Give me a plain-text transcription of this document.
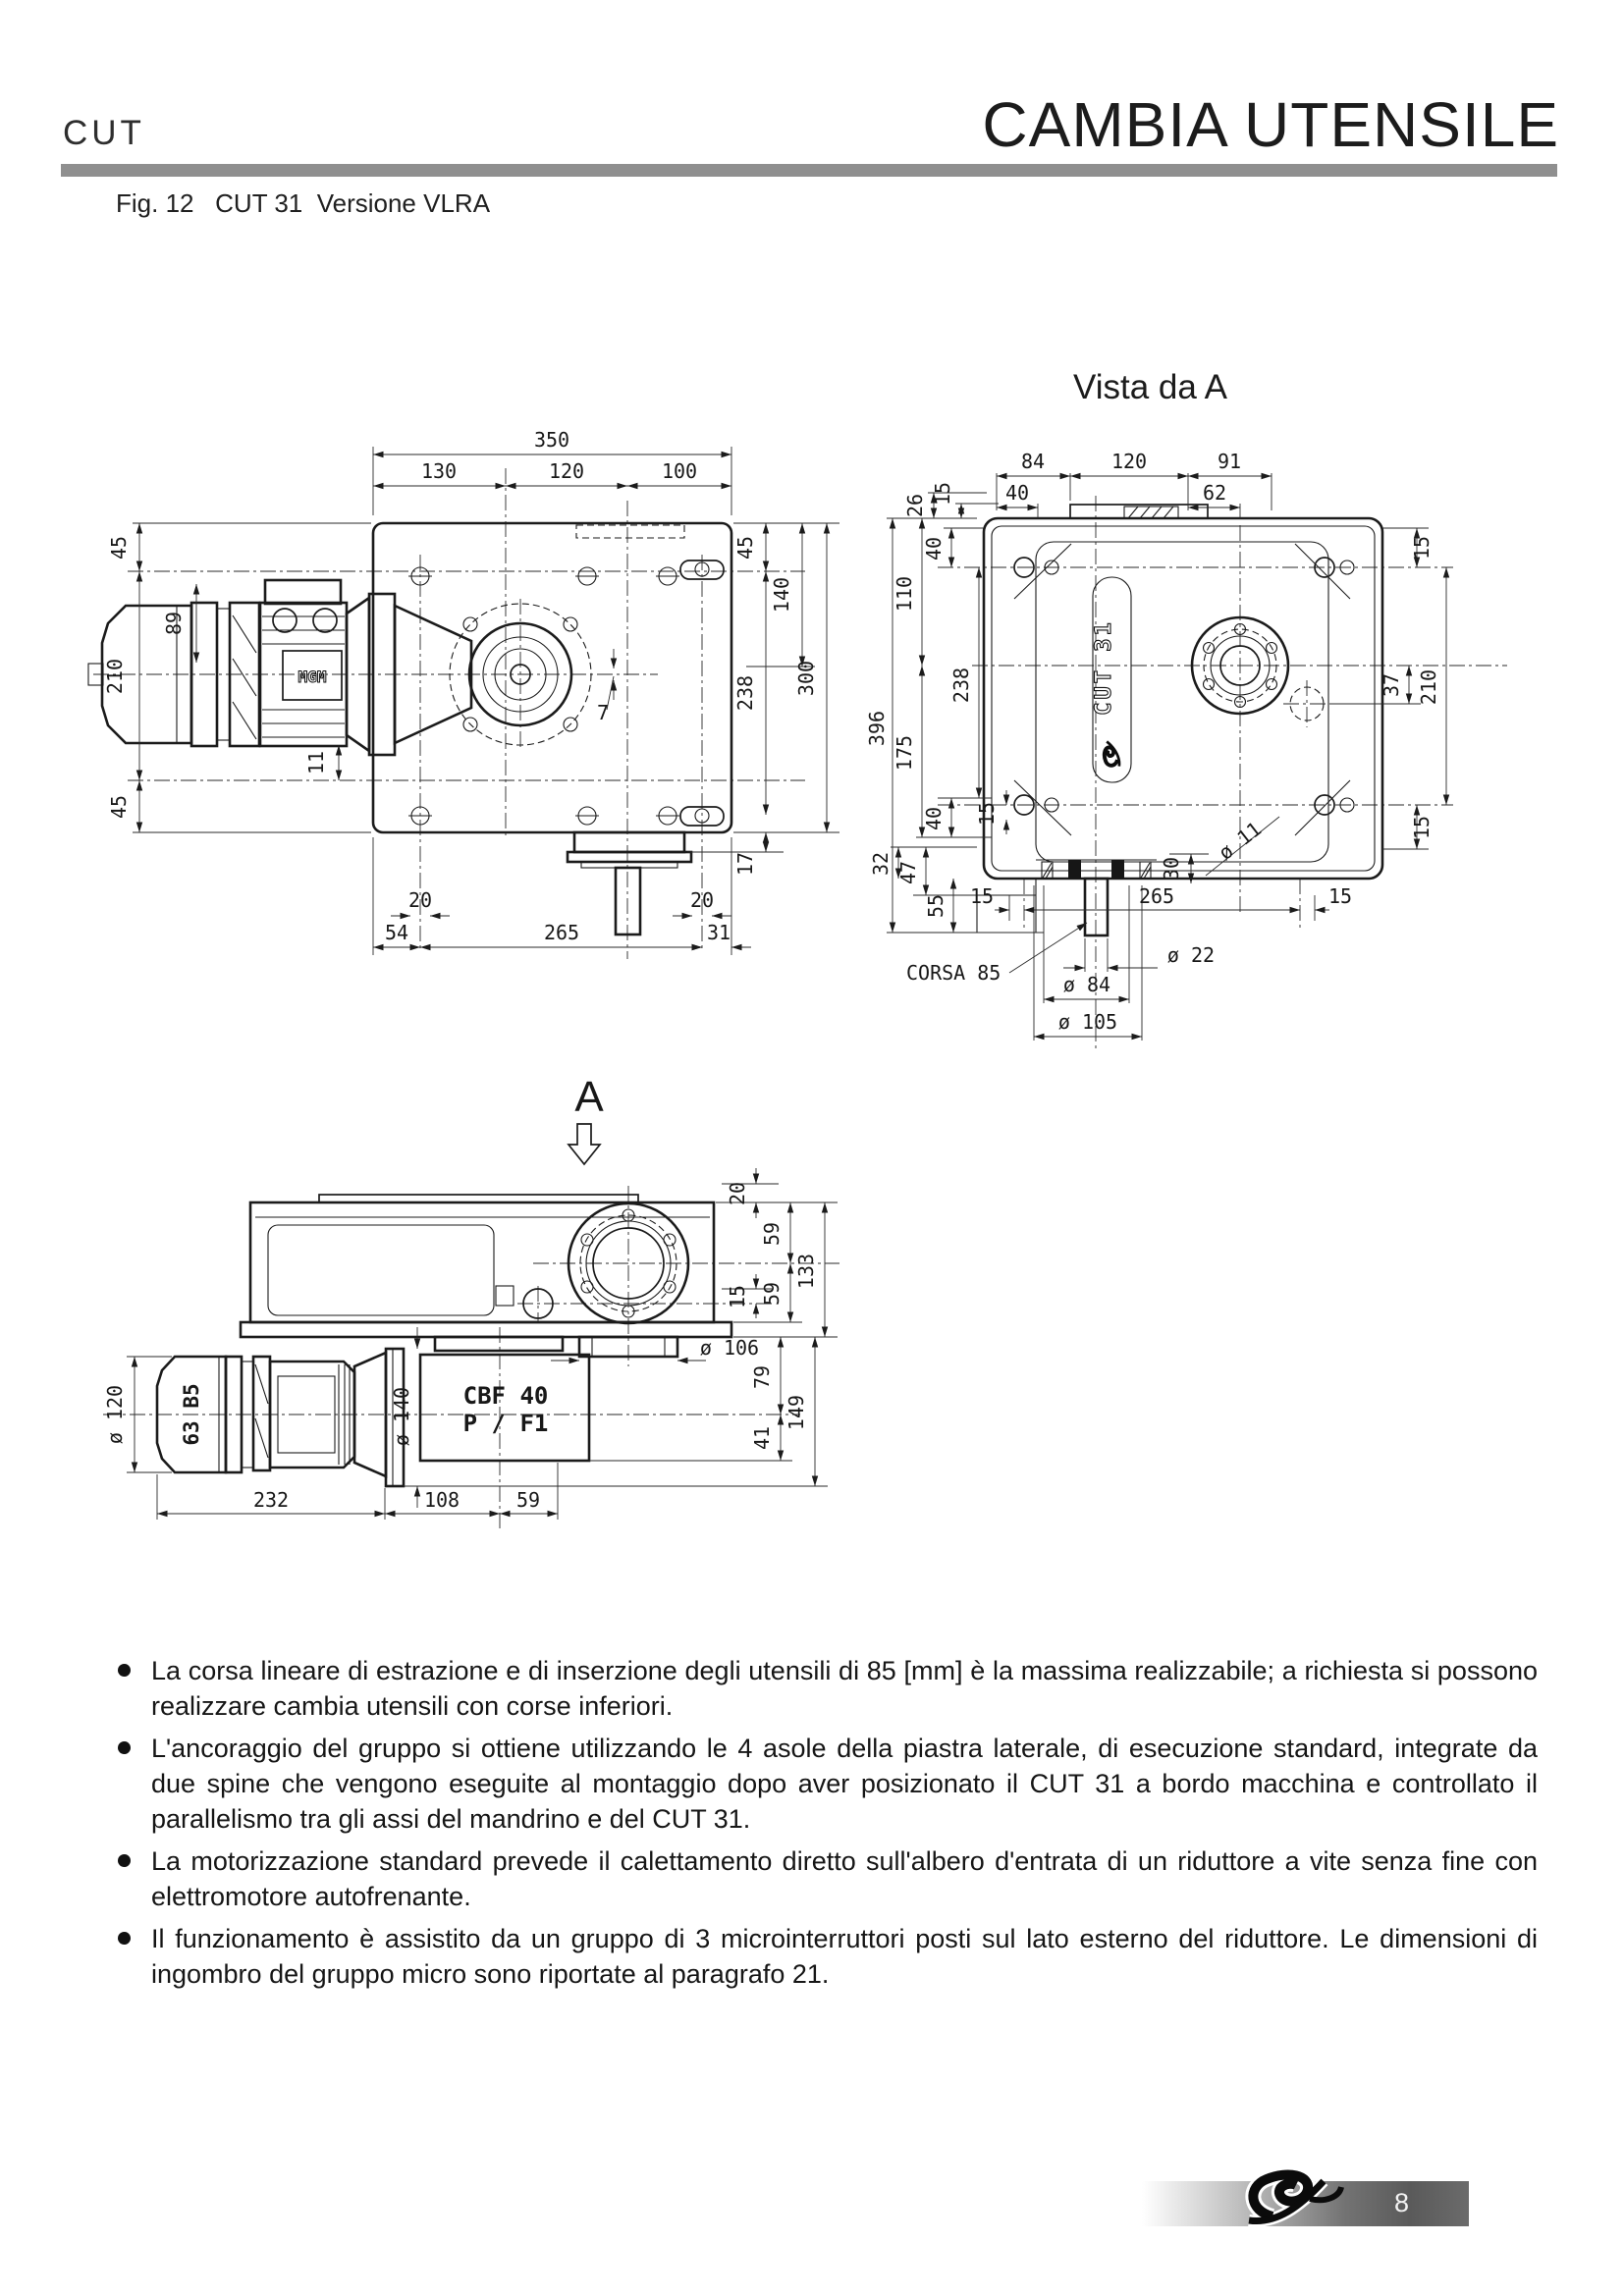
CUT	CAMBIA UTENSILE
Fig. 12   CUT 31  Versione VLRA
MGM
350
130	120	100
45
210
45
89
11
45
238
17
140
300
7
20
54	265
20
31
Vista da A
CUT 31
84	120	91
40	62
26 15
396
110
175
40
238
40 15
32 47
55
15
37 210
15
15	265	15
30
ø 11
CORSA 85
ø 22
ø 84
ø 105
A
CBF 40
P / F1
63 B5
ø 120	ø 140
20
59
15 59
133
ø 106
79
41
149
232	108	59
La corsa lineare di estrazione e di inserzione degli utensili di 85 [mm] è la massima realizzabile; a richiesta si possono realizzare cambia utensili con corse inferiori.
L'ancoraggio del gruppo si ottiene utilizzando le 4 asole della piastra laterale, di esecuzione standard, integrate da due spine che vengono eseguite al montaggio dopo aver posizionato il CUT 31 a bordo macchina e controllato il parallelismo tra gli assi del mandrino e del CUT 31.
La motorizzazione standard prevede il calettamento diretto sull'albero d'entrata di un riduttore a vite senza fine con elettromotore autofrenante.
Il funzionamento è assistito da un gruppo di 3 microinterruttori posti sul lato esterno del riduttore. Le dimensioni di ingombro del gruppo micro sono riportate al paragrafo 21.
8
